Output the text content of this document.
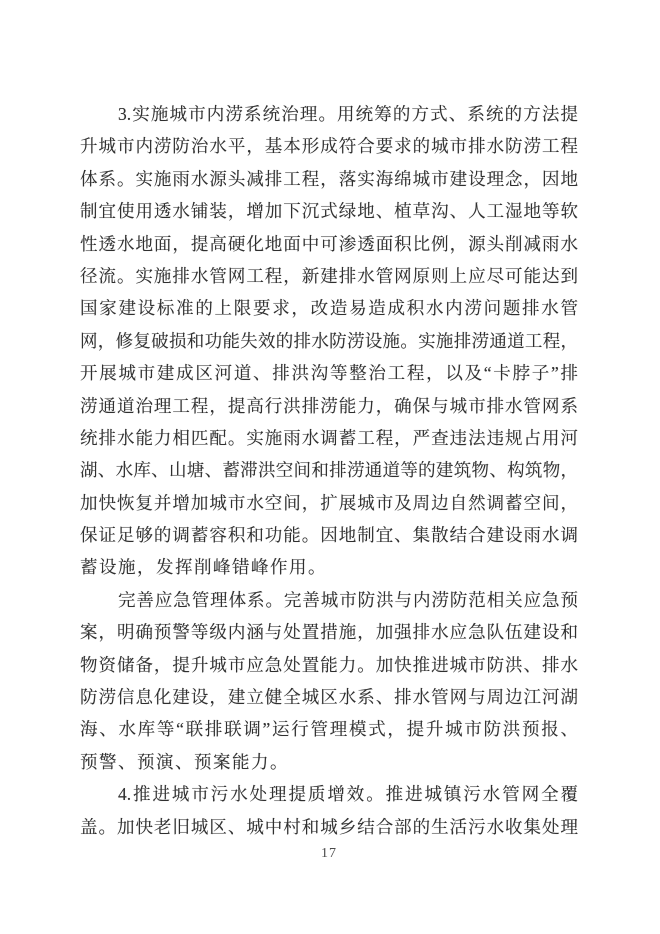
3.实施城市内涝系统治理。用统筹的方式、系统的方法提
升城市内涝防治水平，基本形成符合要求的城市排水防涝工程
体系。实施雨水源头减排工程，落实海绵城市建设理念，因地
制宜使用透水铺装，增加下沉式绿地、植草沟、人工湿地等软
性透水地面，提高硬化地面中可渗透面积比例，源头削减雨水
径流。实施排水管网工程，新建排水管网原则上应尽可能达到
国家建设标准的上限要求，改造易造成积水内涝问题排水管
网，修复破损和功能失效的排水防涝设施。实施排涝通道工程，
开展城市建成区河道、排洪沟等整治工程，以及“卡脖子”排
涝通道治理工程，提高行洪排涝能力，确保与城市排水管网系
统排水能力相匹配。实施雨水调蓄工程，严查违法违规占用河
湖、水库、山塘、蓄滞洪空间和排涝通道等的建筑物、构筑物，
加快恢复并增加城市水空间，扩展城市及周边自然调蓄空间，
保证足够的调蓄容积和功能。因地制宜、集散结合建设雨水调
蓄设施，发挥削峰错峰作用。
完善应急管理体系。完善城市防洪与内涝防范相关应急预
案，明确预警等级内涵与处置措施，加强排水应急队伍建设和
物资储备，提升城市应急处置能力。加快推进城市防洪、排水
防涝信息化建设，建立健全城区水系、排水管网与周边江河湖
海、水库等“联排联调”运行管理模式，提升城市防洪预报、
预警、预演、预案能力。
4.推进城市污水处理提质增效。推进城镇污水管网全覆
盖。加快老旧城区、城中村和城乡结合部的生活污水收集处理
17
